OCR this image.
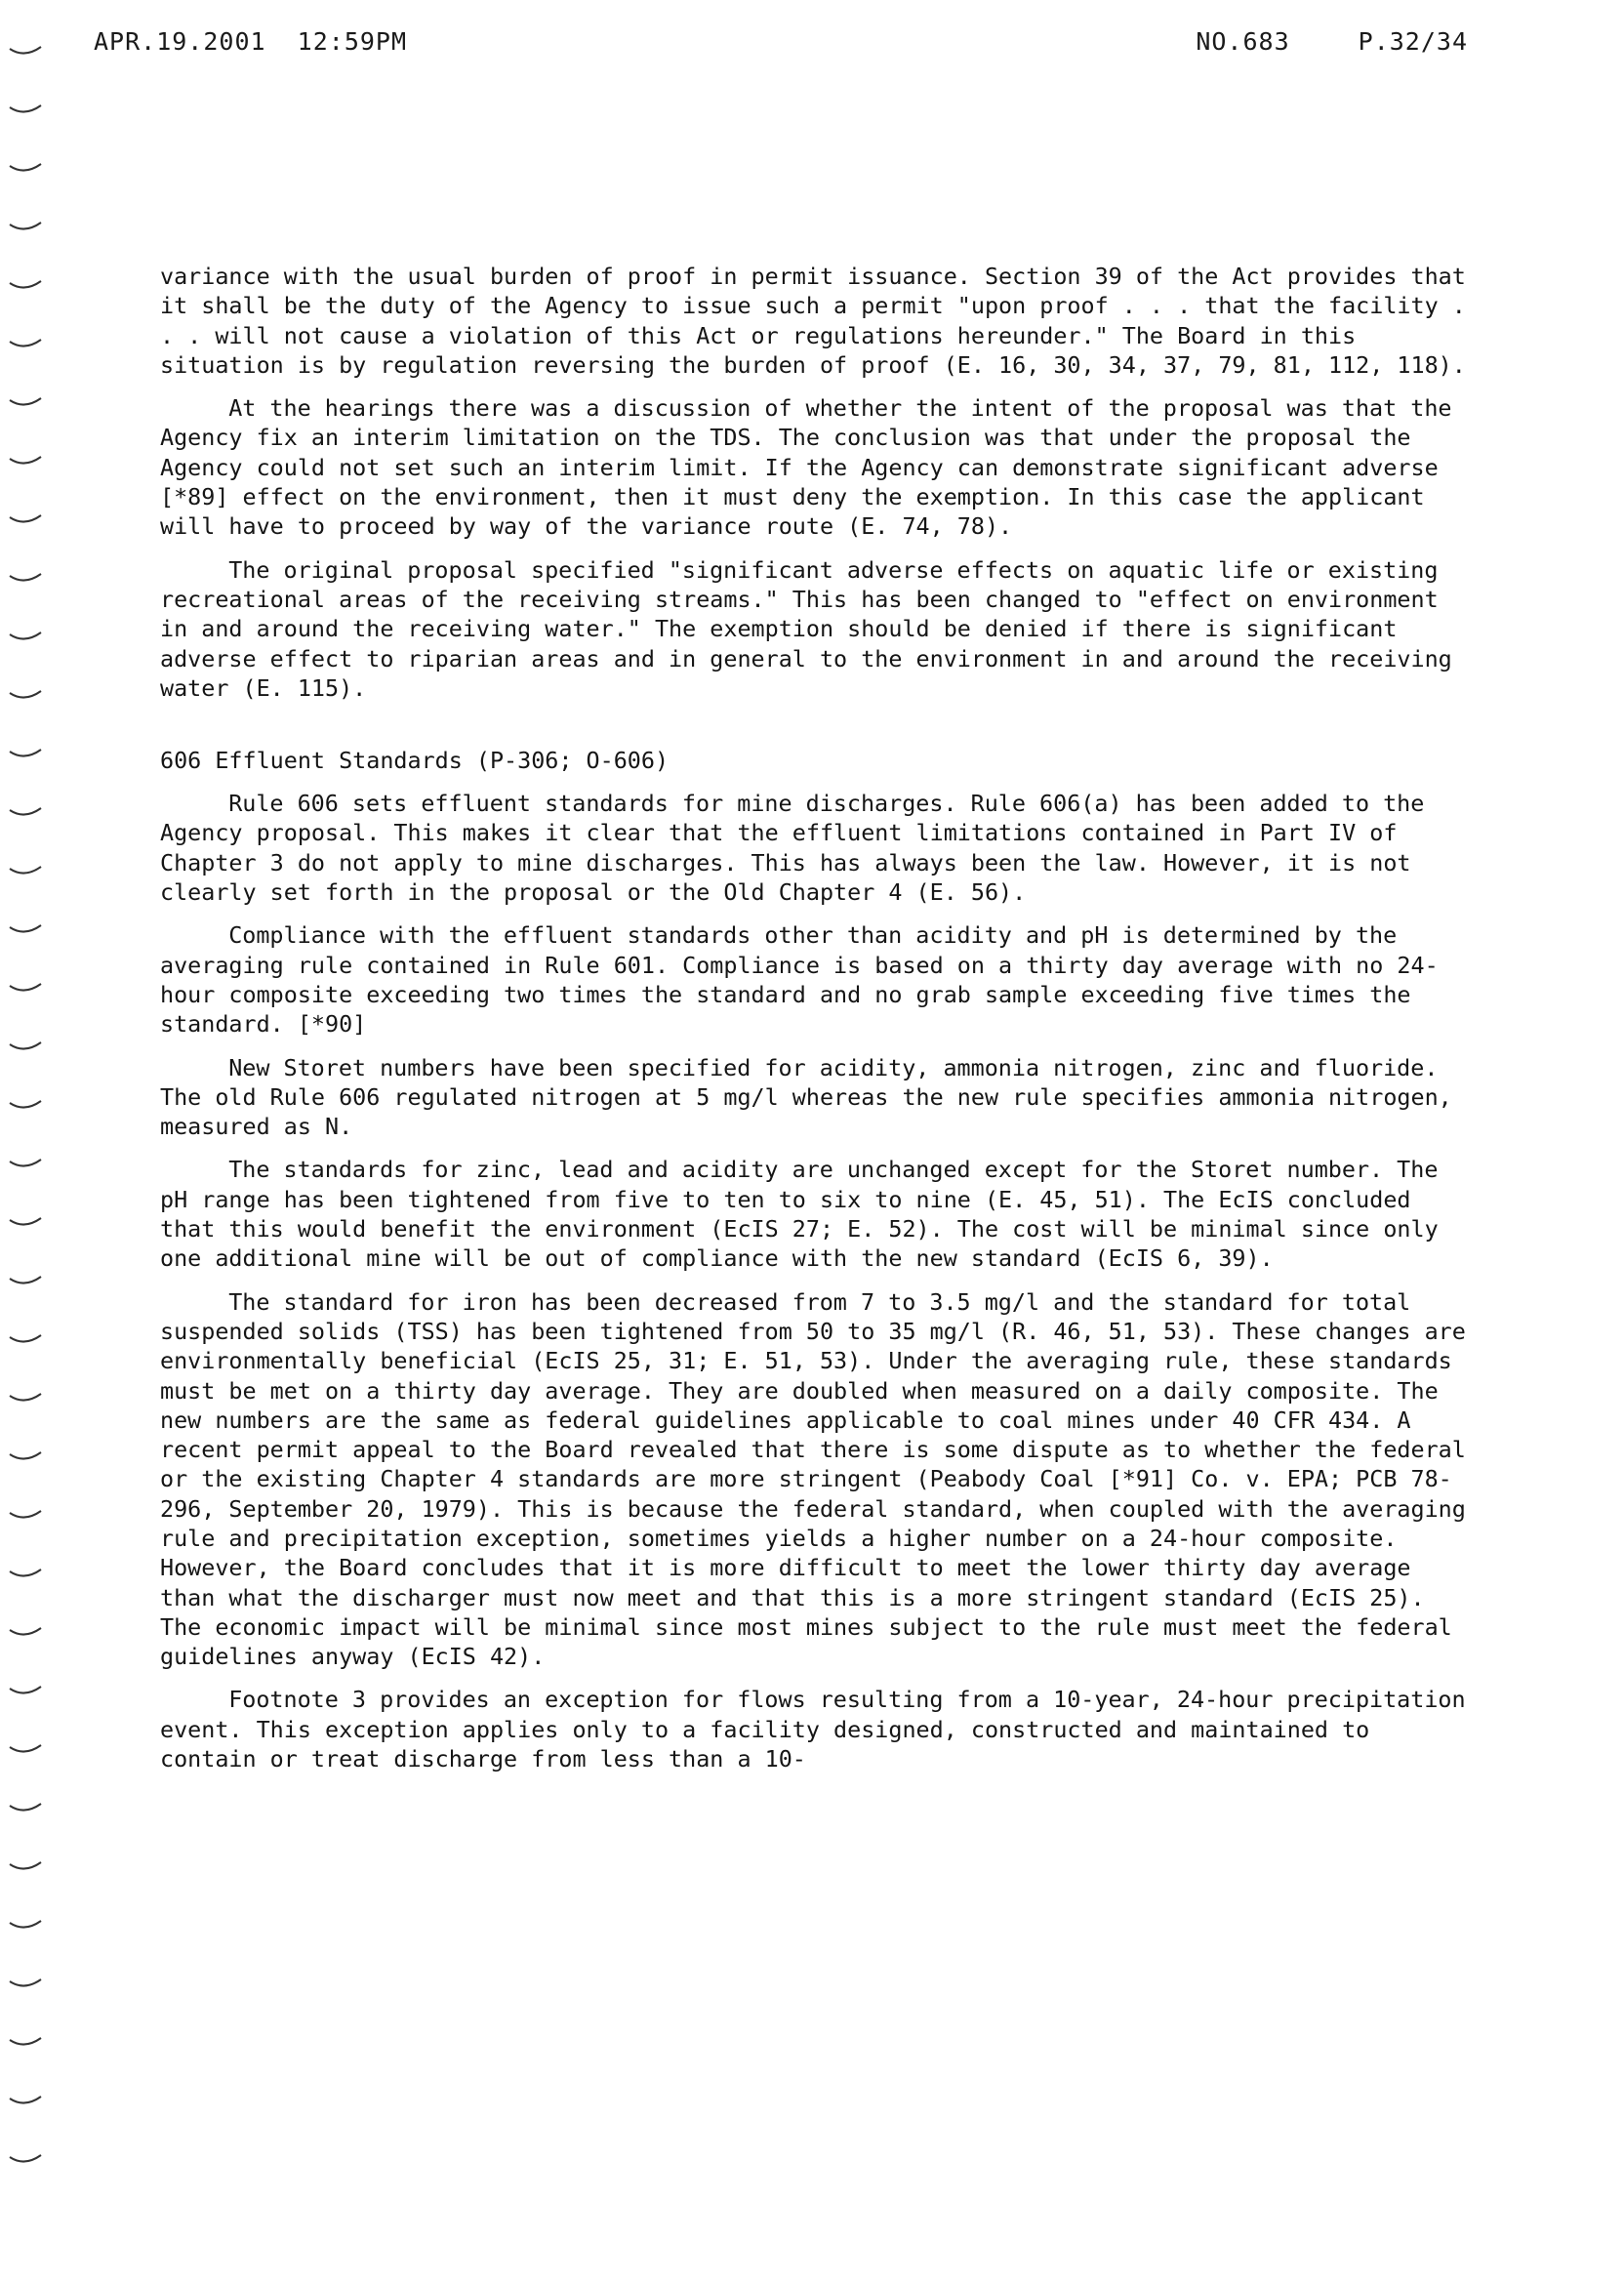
APR.19.2001  12:59PM	NO.683	P.32/34

variance with the usual burden of proof in permit issuance. Section 39 of the Act provides that it shall be the duty of the Agency to issue such a permit "upon proof . . . that the facility . . . will not cause a violation of this Act or regulations hereunder." The Board in this situation is by regulation reversing the burden of proof (E. 16, 30, 34, 37, 79, 81, 112, 118).

At the hearings there was a discussion of whether the intent of the proposal was that the Agency fix an interim limitation on the TDS. The conclusion was that under the proposal the Agency could not set such an interim limit. If the Agency can demonstrate significant adverse [*89] effect on the environment, then it must deny the exemption. In this case the applicant will have to proceed by way of the variance route (E. 74, 78).

The original proposal specified "significant adverse effects on aquatic life or existing recreational areas of the receiving streams." This has been changed to "effect on environment in and around the receiving water." The exemption should be denied if there is significant adverse effect to riparian areas and in general to the environment in and around the receiving water (E. 115).

606 Effluent Standards (P-306; O-606)

Rule 606 sets effluent standards for mine discharges. Rule 606(a) has been added to the Agency proposal. This makes it clear that the effluent limitations contained in Part IV of Chapter 3 do not apply to mine discharges. This has always been the law. However, it is not clearly set forth in the proposal or the Old Chapter 4 (E. 56).

Compliance with the effluent standards other than acidity and pH is determined by the averaging rule contained in Rule 601. Compliance is based on a thirty day average with no 24-hour composite exceeding two times the standard and no grab sample exceeding five times the standard. [*90]

New Storet numbers have been specified for acidity, ammonia nitrogen, zinc and fluoride. The old Rule 606 regulated nitrogen at 5 mg/l whereas the new rule specifies ammonia nitrogen, measured as N.

The standards for zinc, lead and acidity are unchanged except for the Storet number. The pH range has been tightened from five to ten to six to nine (E. 45, 51). The EcIS concluded that this would benefit the environment (EcIS 27; E. 52). The cost will be minimal since only one additional mine will be out of compliance with the new standard (EcIS 6, 39).

The standard for iron has been decreased from 7 to 3.5 mg/l and the standard for total suspended solids (TSS) has been tightened from 50 to 35 mg/l (R. 46, 51, 53). These changes are environmentally beneficial (EcIS 25, 31; E. 51, 53). Under the averaging rule, these standards must be met on a thirty day average. They are doubled when measured on a daily composite. The new numbers are the same as federal guidelines applicable to coal mines under 40 CFR 434. A recent permit appeal to the Board revealed that there is some dispute as to whether the federal or the existing Chapter 4 standards are more stringent (Peabody Coal [*91] Co. v. EPA; PCB 78-296, September 20, 1979). This is because the federal standard, when coupled with the averaging rule and precipitation exception, sometimes yields a higher number on a 24-hour composite. However, the Board concludes that it is more difficult to meet the lower thirty day average than what the discharger must now meet and that this is a more stringent standard (EcIS 25). The economic impact will be minimal since most mines subject to the rule must meet the federal guidelines anyway (EcIS 42).

Footnote 3 provides an exception for flows resulting from a 10-year, 24-hour precipitation event. This exception applies only to a facility designed, constructed and maintained to contain or treat discharge from less than a 10-
